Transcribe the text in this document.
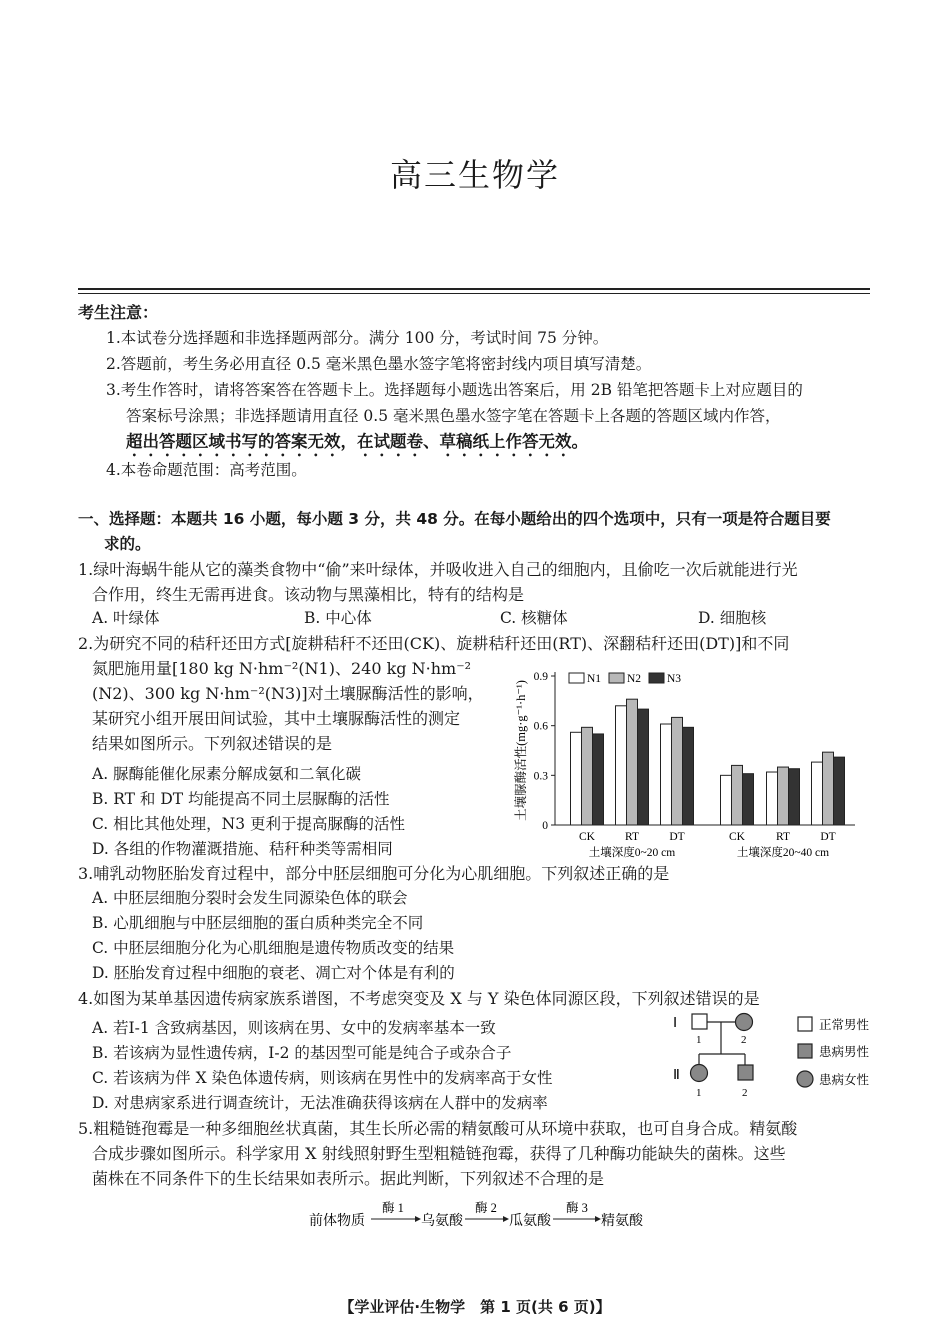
高三生物学
考生注意：
1.本试卷分选择题和非选择题两部分。满分 100 分，考试时间 75 分钟。
2.答题前，考生务必用直径 0.5 毫米黑色墨水签字笔将密封线内项目填写清楚。
3.考生作答时，请将答案答在答题卡上。选择题每小题选出答案后，用 2B 铅笔把答题卡上对应题目的
答案标号涂黑；非选择题请用直径 0.5 毫米黑色墨水签字笔在答题卡上各题的答题区域内作答，
超出答题区域书写的答案无效，在试题卷、草稿纸上作答无效。
4.本卷命题范围：高考范围。
一、选择题：本题共 16 小题，每小题 3 分，共 48 分。在每小题给出的四个选项中，只有一项是符合题目要
求的。
1.绿叶海蜗牛能从它的藻类食物中“偷”来叶绿体，并吸收进入自己的细胞内，且偷吃一次后就能进行光
合作用，终生无需再进食。该动物与黑藻相比，特有的结构是
A. 叶绿体	B. 中心体	C. 核糖体	D. 细胞核
2.为研究不同的秸秆还田方式[旋耕秸秆不还田(CK)、旋耕秸秆还田(RT)、深翻秸秆还田(DT)]和不同
氮肥施用量[180 kg N·hm⁻²(N1)、240 kg N·hm⁻²
(N2)、300 kg N·hm⁻²(N3)]对土壤脲酶活性的影响，
某研究小组开展田间试验，其中土壤脲酶活性的测定
结果如图所示。下列叙述错误的是
A. 脲酶能催化尿素分解成氨和二氧化碳
B. RT 和 DT 均能提高不同土层脲酶的活性
C. 相比其他处理，N3 更利于提高脲酶的活性
D. 各组的作物灌溉措施、秸秆种类等需相同
0
0.3
0.6
0.9
土壤脲酶活性(mg·g⁻¹·h⁻¹)
CK	RT	DT	CK	RT	DT
土壤深度0~20 cm	土壤深度20~40 cm
N1 N2 N3
3.哺乳动物胚胎发育过程中，部分中胚层细胞可分化为心肌细胞。下列叙述正确的是
A. 中胚层细胞分裂时会发生同源染色体的联会
B. 心肌细胞与中胚层细胞的蛋白质种类完全不同
C. 中胚层细胞分化为心肌细胞是遗传物质改变的结果
D. 胚胎发育过程中细胞的衰老、凋亡对个体是有利的
4.如图为某单基因遗传病家族系谱图，不考虑突变及 X 与 Y 染色体同源区段，下列叙述错误的是
A. 若Ⅰ-1 含致病基因，则该病在男、女中的发病率基本一致
B. 若该病为显性遗传病，Ⅰ-2 的基因型可能是纯合子或杂合子
C. 若该病为伴 X 染色体遗传病，则该病在男性中的发病率高于女性
D. 对患病家系进行调查统计，无法准确获得该病在人群中的发病率
Ⅰ
1	2
Ⅱ
1	2
正常男性
患病男性
患病女性
5.粗糙链孢霉是一种多细胞丝状真菌，其生长所必需的精氨酸可从环境中获取，也可自身合成。精氨酸
合成步骤如图所示。科学家用 X 射线照射野生型粗糙链孢霉，获得了几种酶功能缺失的菌株。这些
菌株在不同条件下的生长结果如表所示。据此判断，下列叙述不合理的是
前体物质
酶 1
乌氨酸
酶 2
瓜氨酸
酶 3
精氨酸
【学业评估·生物学　第 1 页(共 6 页)】
